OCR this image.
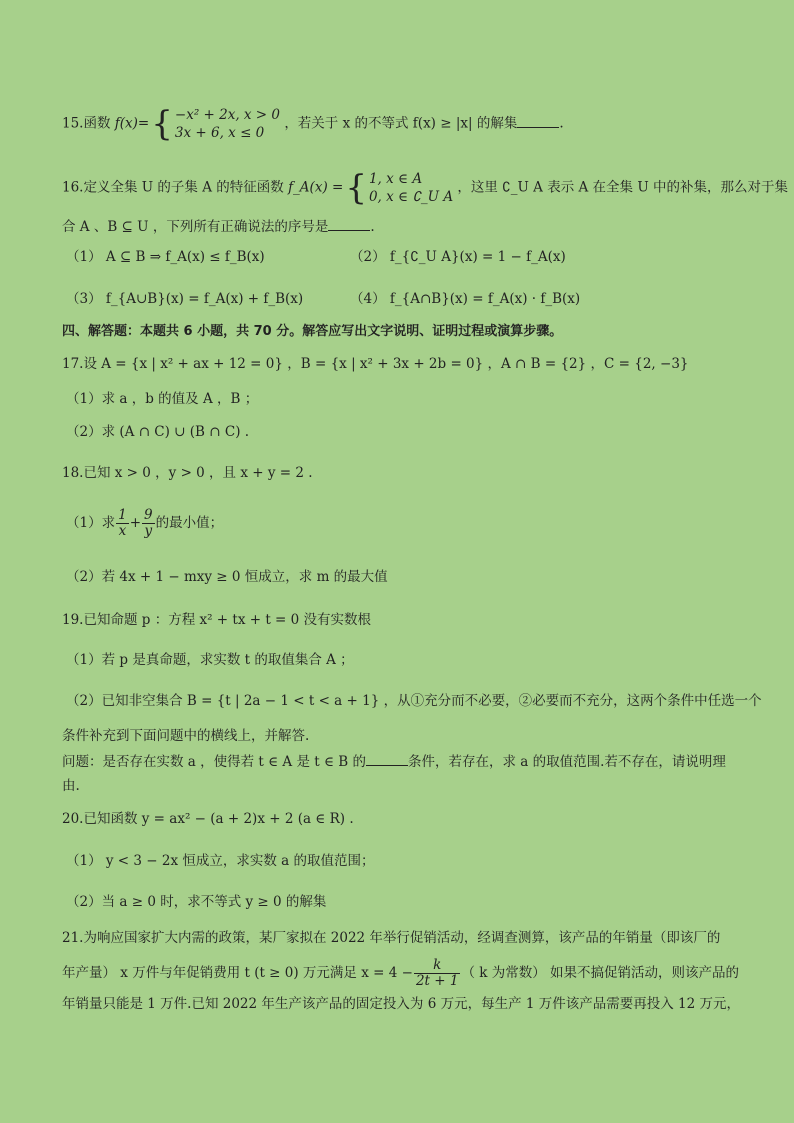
15.函数 f(x)={ −x² + 2x, x > 0
3x + 6, x ≤ 0
，若关于 x 的不等式 f(x) ≥ |x| 的解集	.
16.定义全集 U 的子集 A 的特征函数 f_A(x) ={ 1, x ∈ A
0, x ∈ ∁_U A
，这里 ∁_U A 表示 A 在全集 U 中的补集，那么对于集
合 A 、B ⊆ U ，下列所有正确说法的序号是	.
（1） A ⊆ B ⇒ f_A(x) ≤ f_B(x)	（2） f_{∁_U A}(x) = 1 − f_A(x)
（3） f_{A∪B}(x) = f_A(x) + f_B(x)	（4） f_{A∩B}(x) = f_A(x) · f_B(x)
四、解答题：本题共 6 小题，共 70 分。解答应写出文字说明、证明过程或演算步骤。
17.设 A = {x | x² + ax + 12 = 0} ，B = {x | x² + 3x + 2b = 0} ，A ∩ B = {2} ，C = {2, −3}
（1）求 a ，b 的值及 A ，B ；
（2）求 (A ∩ C) ∪ (B ∩ C) .
18.已知 x > 0 ，y > 0 ，且 x + y = 2 .
（1）求 $\frac{1}{x} + \frac{9}{y}$ 的最小值；
（2）若 4x + 1 − mxy ≥ 0 恒成立，求 m 的最大值
19.已知命题 p ：方程 x² + tx + t = 0 没有实数根
（1）若 p 是真命题，求实数 t 的取值集合 A ；
（2）已知非空集合 B = {t | 2a − 1 < t < a + 1} ，从①充分而不必要，②必要而不充分，这两个条件中任选一个
条件补充到下面问题中的横线上，并解答.
问题：是否存在实数 a ，使得若 t ∈ A 是 t ∈ B 的	条件，若存在，求 a 的取值范围.若不存在，请说明理
由.
20.已知函数 y = ax² − (a + 2)x + 2 (a ∈ R) .
（1） y < 3 − 2x 恒成立，求实数 a 的取值范围；
（2）当 a ≥ 0 时，求不等式 y ≥ 0 的解集
21.为响应国家扩大内需的政策，某厂家拟在 2022 年举行促销活动，经调查测算，该产品的年销量（即该厂的
年产量） x 万件与年促销费用 t (t ≥ 0) 万元满足 $x = 4 - \frac{k}{2t + 1}$ （ k 为常数） 如果不搞促销活动，则该产品的
年销量只能是 1 万件.已知 2022 年生产该产品的固定投入为 6 万元，每生产 1 万件该产品需要再投入 12 万元，
